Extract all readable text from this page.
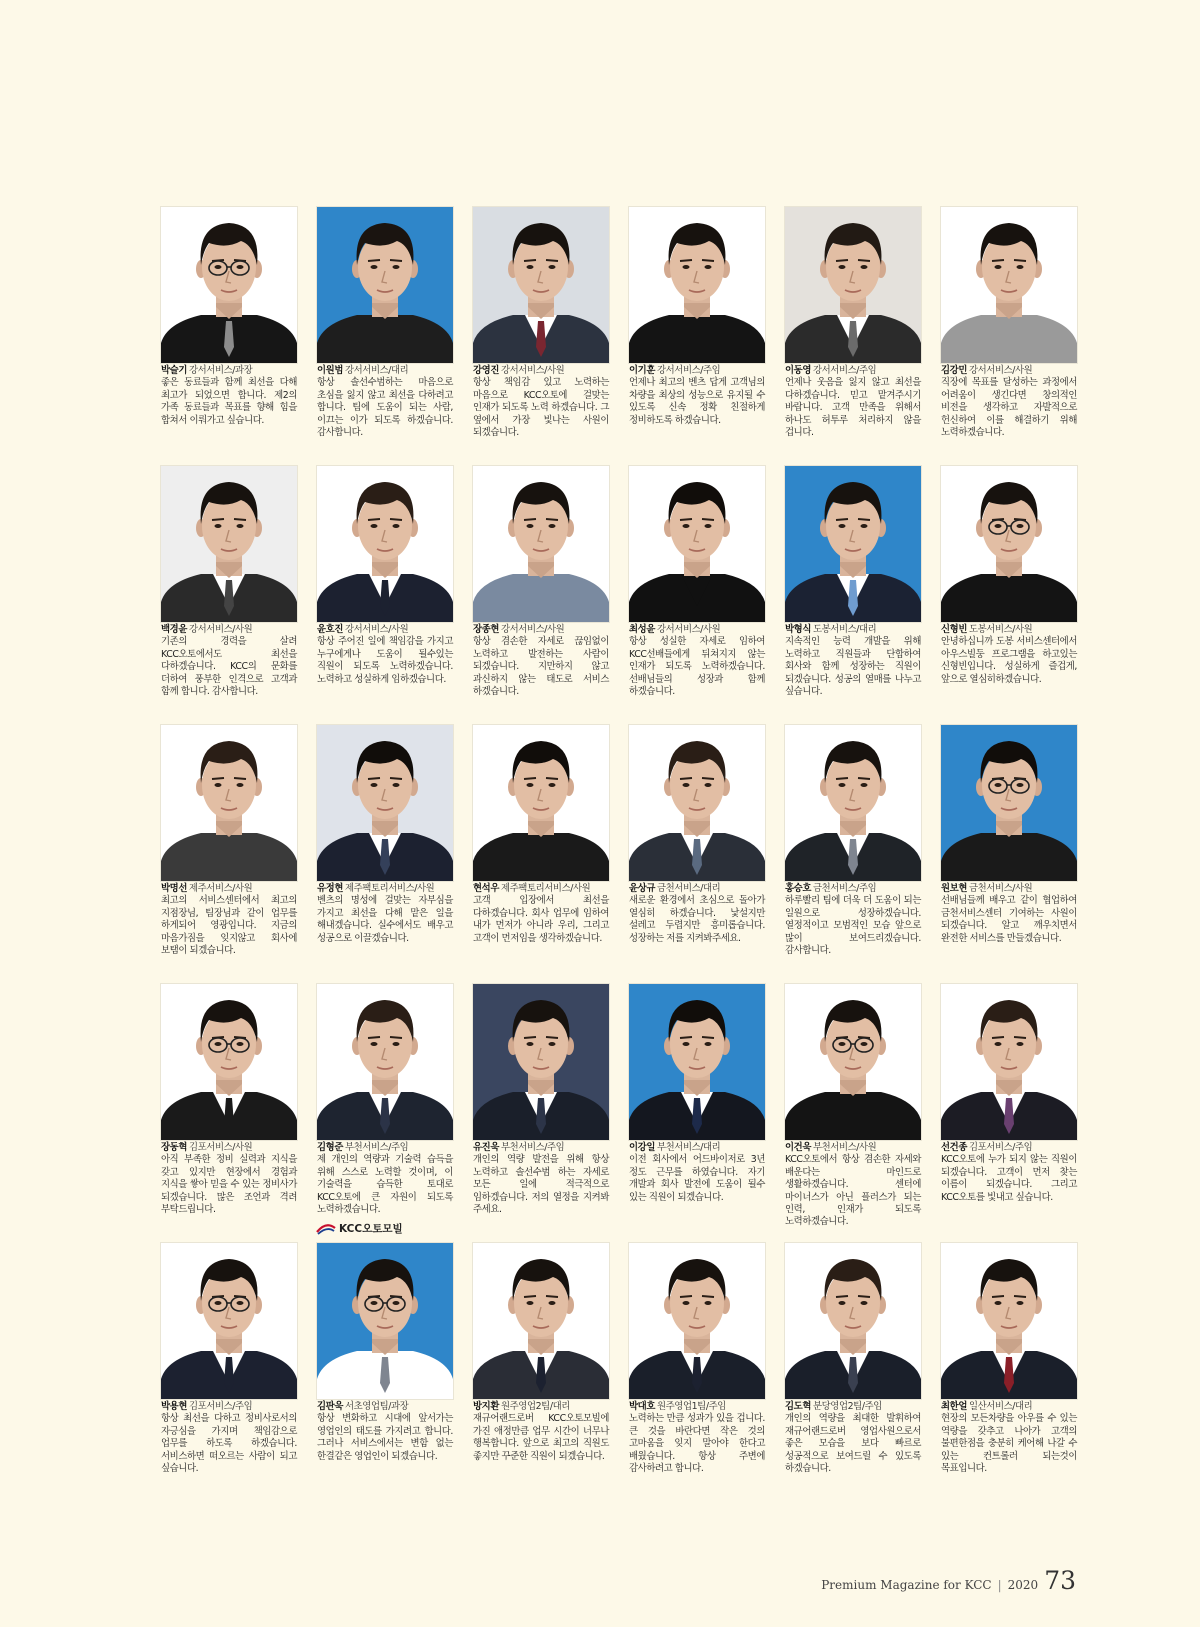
박슬기 강서서비스/과장
좋은 동료들과 함께 최선을 다해 최고가 되었으면 합니다. 제2의 가족 동료들과 목표를 향해 힘을 합쳐서 이뤄가고 싶습니다.
이원범 강서서비스/대리
항상 솔선수범하는 마음으로 초심을 잃지 않고 최선을 다하려고 합니다. 팀에 도움이 되는 사람, 이끄는 이가 되도록 하겠습니다. 감사합니다.
강영진 강서서비스/사원
항상 책임감 있고 노력하는 마음으로 KCC오토에 걸맞는 인재가 되도록 노력 하겠습니다. 그 옆에서 가장 빛나는 사원이 되겠습니다.
이기훈 강서서비스/주임
언제나 최고의 벤츠 답게 고객님의 차량을 최상의 성능으로 유지될 수 있도록 신속 정확 친절하게 정비하도록 하겠습니다.
이동영 강서서비스/주임
언제나 웃음을 잃지 않고 최선을 다하겠습니다. 믿고 맡겨주시기 바랍니다. 고객 만족을 위해서 하나도 허투루 처리하지 않을 겁니다.
김강민 강서서비스/사원
직장에 목표를 달성하는 과정에서 어려움이 생긴다면 창의적인 비전을 생각하고 자발적으로 헌신하여 이를 해결하기 위해 노력하겠습니다.
백경윤 강서서비스/사원
기존의 경력을 살려 KCC오토에서도 최선을 다하겠습니다. KCC의 문화를 더하여 풍부한 인격으로 고객과 함께 합니다. 감사합니다.
윤호진 강서서비스/사원
항상 주어진 일에 책임감을 가지고 누구에게나 도움이 될수있는 직원이 되도록 노력하겠습니다. 노력하고 성실하게 임하겠습니다.
장종현 강서서비스/사원
항상 겸손한 자세로 끊임없이 노력하고 발전하는 사람이 되겠습니다. 지만하지 않고 과신하지 않는 태도로 서비스 하겠습니다.
최성윤 강서서비스/사원
항상 성실한 자세로 임하여 KCC선배들에게 뒤쳐지지 않는 인재가 되도록 노력하겠습니다. 선배님들의 성장과 함께 하겠습니다.
박형식 도봉서비스/대리
지속적인 능력 개발을 위해 노력하고 직원들과 단합하여 회사와 함께 성장하는 직원이 되겠습니다. 성공의 열매를 나누고 싶습니다.
신형빈 도봉서비스/사원
안녕하십니까 도봉 서비스센터에서 아우스빌둥 프로그램을 하고있는 신형빈입니다. 성실하게 즐겁게, 앞으로 열심히하겠습니다.
박명선 제주서비스/사원
최고의 서비스센터에서 최고의 지점장님, 팀장님과 같이 업무를 하게되어 영광입니다. 지금의 마음가짐을 잊지않고 회사에 보탬이 되겠습니다.
유정현 제주팩토리서비스/사원
벤츠의 명성에 걸맞는 자부심을 가지고 최선을 다해 맡은 일을 해내겠습니다. 실수에서도 배우고 성공으로 이끌겠습니다.
현석우 제주팩토리서비스/사원
고객 입장에서 최선을 다하겠습니다. 회사 업무에 임하여 내가 먼저가 아니라 우리, 그리고 고객이 먼저임을 생각하겠습니다.
윤상규 금천서비스/대리
새로운 환경에서 초심으로 돌아가 열심히 하겠습니다. 낯설지만 설레고 두렵지만 흥미롭습니다. 성장하는 저를 지켜봐주세요.
홍승호 금천서비스/주임
하루빨리 팀에 더욱 더 도움이 되는 일원으로 성장하겠습니다. 열정적이고 모범적인 모습 앞으로 많이 보여드리겠습니다. 감사합니다.
원보현 금천서비스/사원
선배님들께 배우고 같이 협업하여 금천서비스센터 기여하는 사원이 되겠습니다. 알고 깨우치면서 완전한 서비스를 만들겠습니다.
장동혁 김포서비스/사원
아직 부족한 정비 실력과 지식을 갖고 있지만 현장에서 경험과 지식을 쌓아 믿을 수 있는 정비사가 되겠습니다. 많은 조언과 격려 부탁드립니다.
김형준 부천서비스/주임
제 개인의 역량과 기술력 습득을 위해 스스로 노력할 것이며, 이 기술력을 습득한 토대로 KCC오토에 큰 자원이 되도록 노력하겠습니다.
유진욱 부천서비스/주임
개인의 역량 발전을 위해 항상 노력하고 솔선수범 하는 자세로 모든 일에 적극적으로 임하겠습니다. 저의 열정을 지켜봐 주세요.
이강일 부천서비스/대리
이전 회사에서 어드바이저로 3년 정도 근무를 하였습니다. 자기 개발과 회사 발전에 도움이 될수 있는 직원이 되겠습니다.
이건욱 부천서비스/사원
KCC오토에서 항상 겸손한 자세와 배운다는 마인드로 생활하겠습니다. 센터에 마이너스가 아닌 플러스가 되는 인력, 인재가 되도록 노력하겠습니다.
선건종 김포서비스/주임
KCC오토에 누가 되지 않는 직원이 되겠습니다. 고객이 먼저 찾는 이름이 되겠습니다. 그리고 KCC오토를 빛내고 싶습니다.
박용현 김포서비스/주임
항상 최선을 다하고 정비사로서의 자긍심을 가지며 책임감으로 업무를 하도록 하겠습니다. 서비스하면 떠오르는 사람이 되고 싶습니다.
김판욱 서초영업팀/과장
항상 변화하고 시대에 앞서가는 영업인의 태도를 가지려고 합니다. 그러나 서비스에서는 변함 없는 한결같은 영업인이 되겠습니다.
방지환 원주영업2팀/대리
재규어랜드로버 KCC오토모빌에 가진 애정만큼 업무 시간이 너무나 행복합니다. 앞으로 최고의 직원도 좋지만 꾸준한 직원이 되겠습니다.
박대호 원주영업1팀/주임
노력하는 만큼 성과가 있을 겁니다. 큰 것을 바란다면 작은 것의 고마움을 잊지 말아야 한다고 배웠습니다. 항상 주변에 감사하려고 합니다.
김도혁 분당영업2팀/주임
개인의 역량을 최대한 발휘하여 재규어랜드로버 영업사원으로서 좋은 모습을 보다 빠르로 성공적으로 보여드릴 수 있도록 하겠습니다.
최한얼 일산서비스/대리
현장의 모든차량을 아우를 수 있는 역량을 갖추고 나아가 고객의 불편한점을 충분히 케어해 나갈 수 있는 컨트롤러 되는것이 목표입니다.
KCC오토모빌
Premium Magazine for KCC | 2020 73
